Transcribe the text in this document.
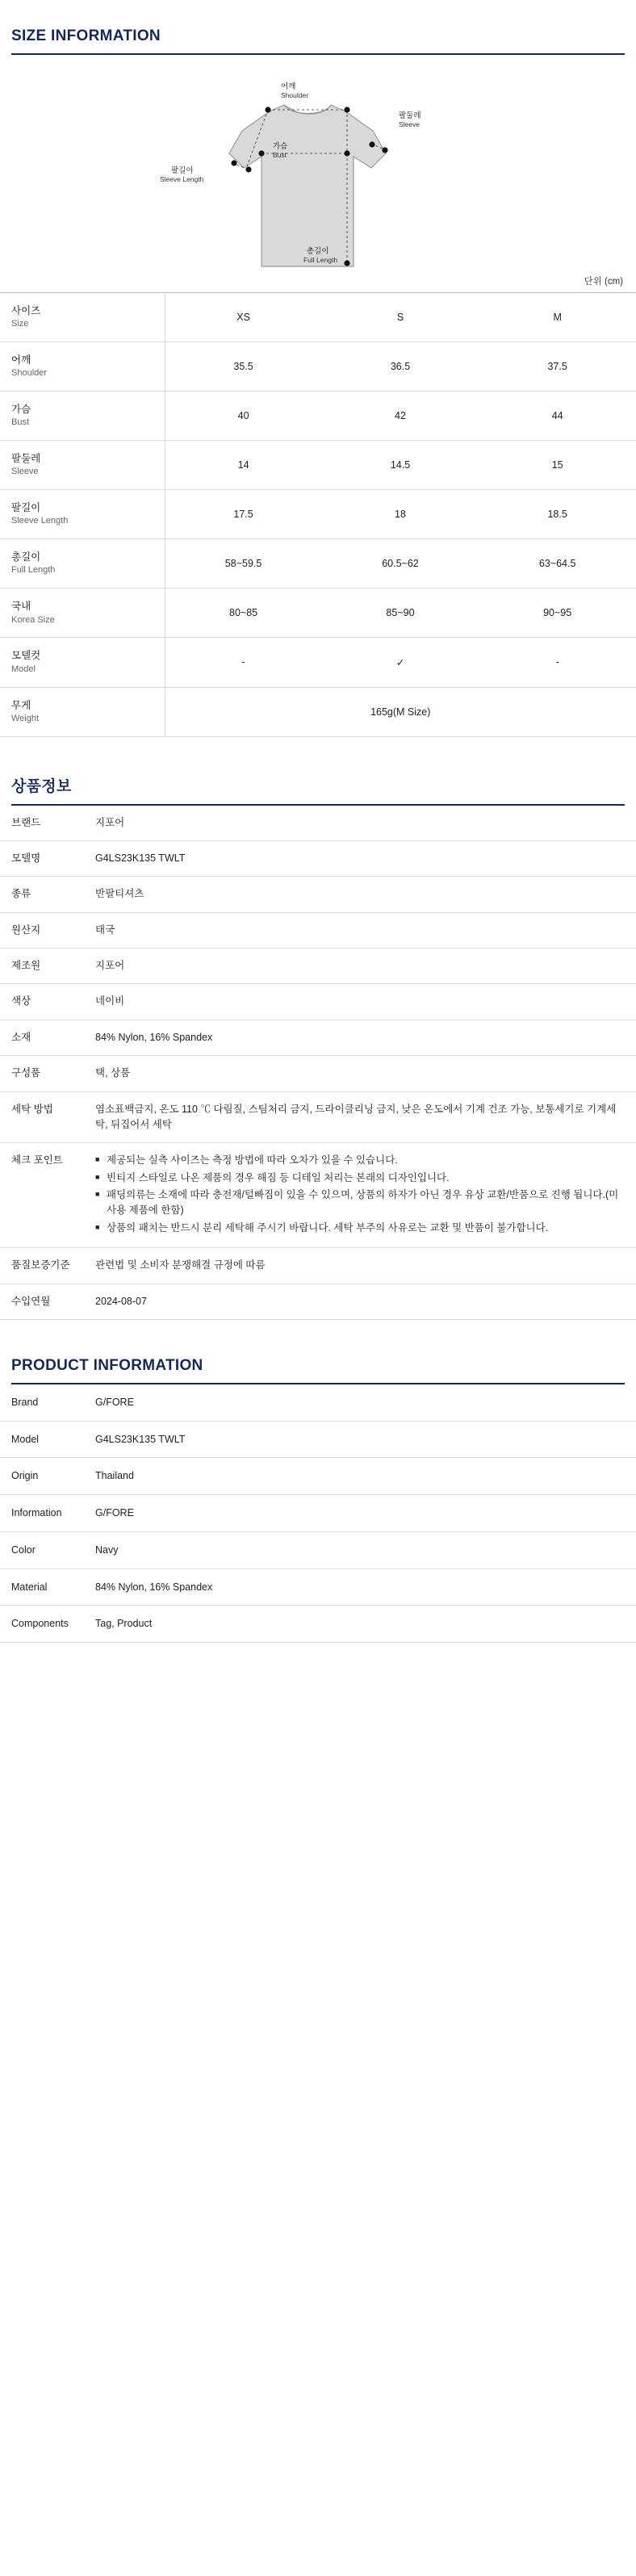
SIZE INFORMATION
어깨
Shoulder
팔둘레
Sleeve
가슴
Bust
팔길이
Sleeve Length
총길이
Full Length
단위 (cm)
사이즈
Size	XS	S	M

어깨
Shoulder	35.5	36.5	37.5

가슴
Bust	40	42	44

팔둘레
Sleeve	14	14.5	15

팔길이
Sleeve Length	17.5	18	18.5

총길이
Full Length	58~59.5	60.5~62	63~64.5

국내
Korea Size	80~85	85~90	90~95

모델컷
Model	-	✓	-

무게
Weight	165g(M Size)		
상품정보
브랜드	지포어
모델명	G4LS23K135 TWLT
종류	반팔티셔츠
원산지	태국
제조원	지포어
색상	네이비
소재	84% Nylon, 16% Spandex
구성품	택, 상품
세탁 방법	염소표백금지, 온도 110 ℃ 다림질, 스팀처리 금지, 드라이클리닝 금지, 낮은 온도에서 기계 건조 가능, 보통세기로 기계세탁, 뒤집어서 세탁
체크 포인트	
■제공되는 실측 사이즈는 측정 방법에 따라 오차가 있을 수 있습니다.
■ 빈티지 스타일로 나온 제품의 경우 해짐 등 디테일 처리는 본래의 디자인입니다.
■ 패딩의류는 소재에 따라 충전재/털빠짐이 있을 수 있으며, 상품의 하자가 아닌 경우 유상 교환/반품으로 진행 됩니다.(미사용 제품에 한함)
■ 상품의 패치는 반드시 분리 세탁해 주시기 바랍니다. 세탁 부주의 사유로는 교환 및 반품이 불가합니다.

품질보증기준	관련법 및 소비자 분쟁해결 규정에 따름
수입연월	2024-08-07
PRODUCT INFORMATION
Brand	G/FORE
Model	G4LS23K135 TWLT
Origin	Thailand
Information	G/FORE
Color	Navy
Material	84% Nylon, 16% Spandex
Components	Tag, Product
